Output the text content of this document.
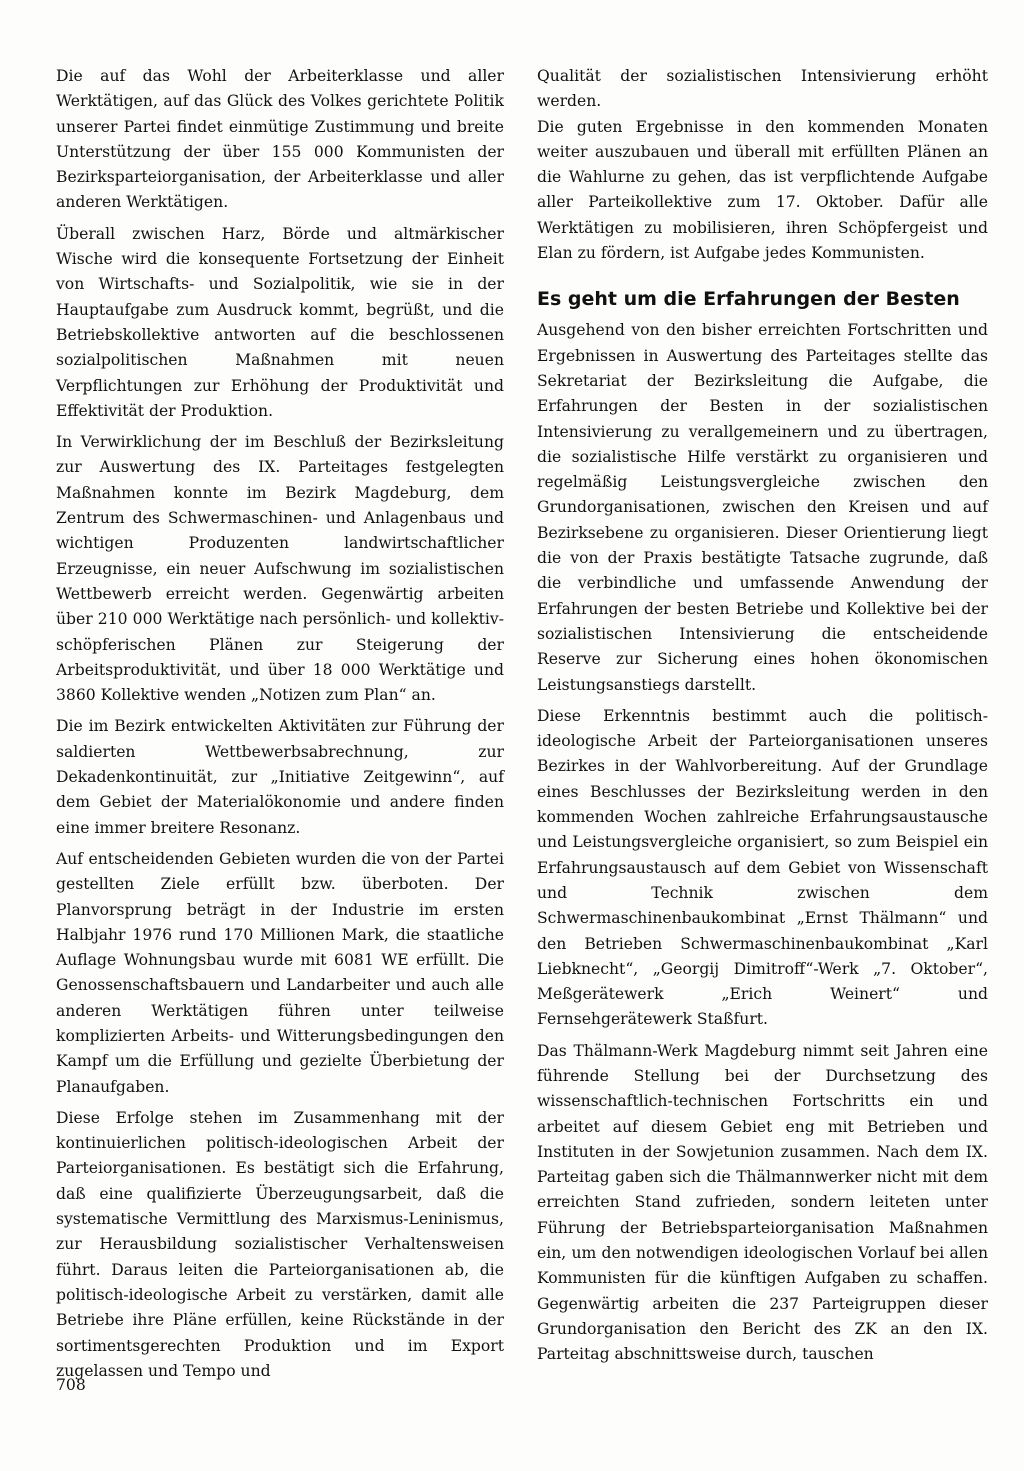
Die auf das Wohl der Arbeiterklasse und aller Werktätigen, auf das Glück des Volkes gerichtete Politik unserer Partei findet einmütige Zustimmung und breite Unterstützung der über 155 000 Kommunisten der Bezirksparteiorganisation, der Arbeiterklasse und aller anderen Werktätigen.

Überall zwischen Harz, Börde und altmärkischer Wische wird die konsequente Fortsetzung der Einheit von Wirtschafts- und Sozialpolitik, wie sie in der Hauptaufgabe zum Ausdruck kommt, begrüßt, und die Betriebskollektive antworten auf die beschlossenen sozialpolitischen Maßnahmen mit neuen Verpflichtungen zur Erhöhung der Produktivität und Effektivität der Produktion.

In Verwirklichung der im Beschluß der Bezirksleitung zur Auswertung des IX. Parteitages festgelegten Maßnahmen konnte im Bezirk Magdeburg, dem Zentrum des Schwermaschinen- und Anlagenbaus und wichtigen Produzenten landwirtschaftlicher Erzeugnisse, ein neuer Aufschwung im sozialistischen Wettbewerb erreicht werden. Gegenwärtig arbeiten über 210 000 Werktätige nach persönlich- und kollektiv-schöpferischen Plänen zur Steigerung der Arbeitsproduktivität, und über 18 000 Werktätige und 3860 Kollektive wenden „Notizen zum Plan“ an.

Die im Bezirk entwickelten Aktivitäten zur Führung der saldierten Wettbewerbsabrechnung, zur Dekadenkontinuität, zur „Initiative Zeitgewinn“, auf dem Gebiet der Materialökonomie und andere finden eine immer breitere Resonanz.

Auf entscheidenden Gebieten wurden die von der Partei gestellten Ziele erfüllt bzw. überboten. Der Planvorsprung beträgt in der Industrie im ersten Halbjahr 1976 rund 170 Millionen Mark, die staatliche Auflage Wohnungsbau wurde mit 6081 WE erfüllt. Die Genossenschaftsbauern und Landarbeiter und auch alle anderen Werktätigen führen unter teilweise komplizierten Arbeits- und Witterungsbedingungen den Kampf um die Erfüllung und gezielte Überbietung der Planaufgaben.

Diese Erfolge stehen im Zusammenhang mit der kontinuierlichen politisch-ideologischen Arbeit der Parteiorganisationen. Es bestätigt sich die Erfahrung, daß eine qualifizierte Überzeugungsarbeit, daß die systematische Vermittlung des Marxismus-Leninismus, zur Herausbildung sozialistischer Verhaltensweisen führt. Daraus leiten die Parteiorganisationen ab, die politisch-ideologische Arbeit zu verstärken, damit alle Betriebe ihre Pläne erfüllen, keine Rückstände in der sortimentsgerechten Produktion und im Export zugelassen und Tempo und

Qualität der sozialistischen Intensivierung erhöht werden.

Die guten Ergebnisse in den kommenden Monaten weiter auszubauen und überall mit erfüllten Plänen an die Wahlurne zu gehen, das ist verpflichtende Aufgabe aller Parteikollektive zum 17. Oktober. Dafür alle Werktätigen zu mobilisieren, ihren Schöpfergeist und Elan zu fördern, ist Aufgabe jedes Kommunisten.

Es geht um die Erfahrungen der Besten

Ausgehend von den bisher erreichten Fortschritten und Ergebnissen in Auswertung des Parteitages stellte das Sekretariat der Bezirksleitung die Aufgabe, die Erfahrungen der Besten in der sozialistischen Intensivierung zu verallgemeinern und zu übertragen, die sozialistische Hilfe verstärkt zu organisieren und regelmäßig Leistungsvergleiche zwischen den Grundorganisationen, zwischen den Kreisen und auf Bezirksebene zu organisieren. Dieser Orientierung liegt die von der Praxis bestätigte Tatsache zugrunde, daß die verbindliche und umfassende Anwendung der Erfahrungen der besten Betriebe und Kollektive bei der sozialistischen Intensivierung die entscheidende Reserve zur Sicherung eines hohen ökonomischen Leistungsanstiegs darstellt.

Diese Erkenntnis bestimmt auch die politisch-ideologische Arbeit der Parteiorganisationen unseres Bezirkes in der Wahlvorbereitung. Auf der Grundlage eines Beschlusses der Bezirksleitung werden in den kommenden Wochen zahlreiche Erfahrungsaustausche und Leistungsvergleiche organisiert, so zum Beispiel ein Erfahrungsaustausch auf dem Gebiet von Wissenschaft und Technik zwischen dem Schwermaschinenbaukombinat „Ernst Thälmann“ und den Betrieben Schwermaschinenbaukombinat „Karl Liebknecht“, „Georgij Dimitroff“-Werk „7. Oktober“, Meßgerätewerk „Erich Weinert“ und Fernsehgerätewerk Staßfurt.

Das Thälmann-Werk Magdeburg nimmt seit Jahren eine führende Stellung bei der Durchsetzung des wissenschaftlich-technischen Fortschritts ein und arbeitet auf diesem Gebiet eng mit Betrieben und Instituten in der Sowjetunion zusammen. Nach dem IX. Parteitag gaben sich die Thälmannwerker nicht mit dem erreichten Stand zufrieden, sondern leiteten unter Führung der Betriebsparteiorganisation Maßnahmen ein, um den notwendigen ideologischen Vorlauf bei allen Kommunisten für die künftigen Aufgaben zu schaffen. Gegenwärtig arbeiten die 237 Parteigruppen dieser Grundorganisation den Bericht des ZK an den IX. Parteitag abschnittsweise durch, tauschen

708
